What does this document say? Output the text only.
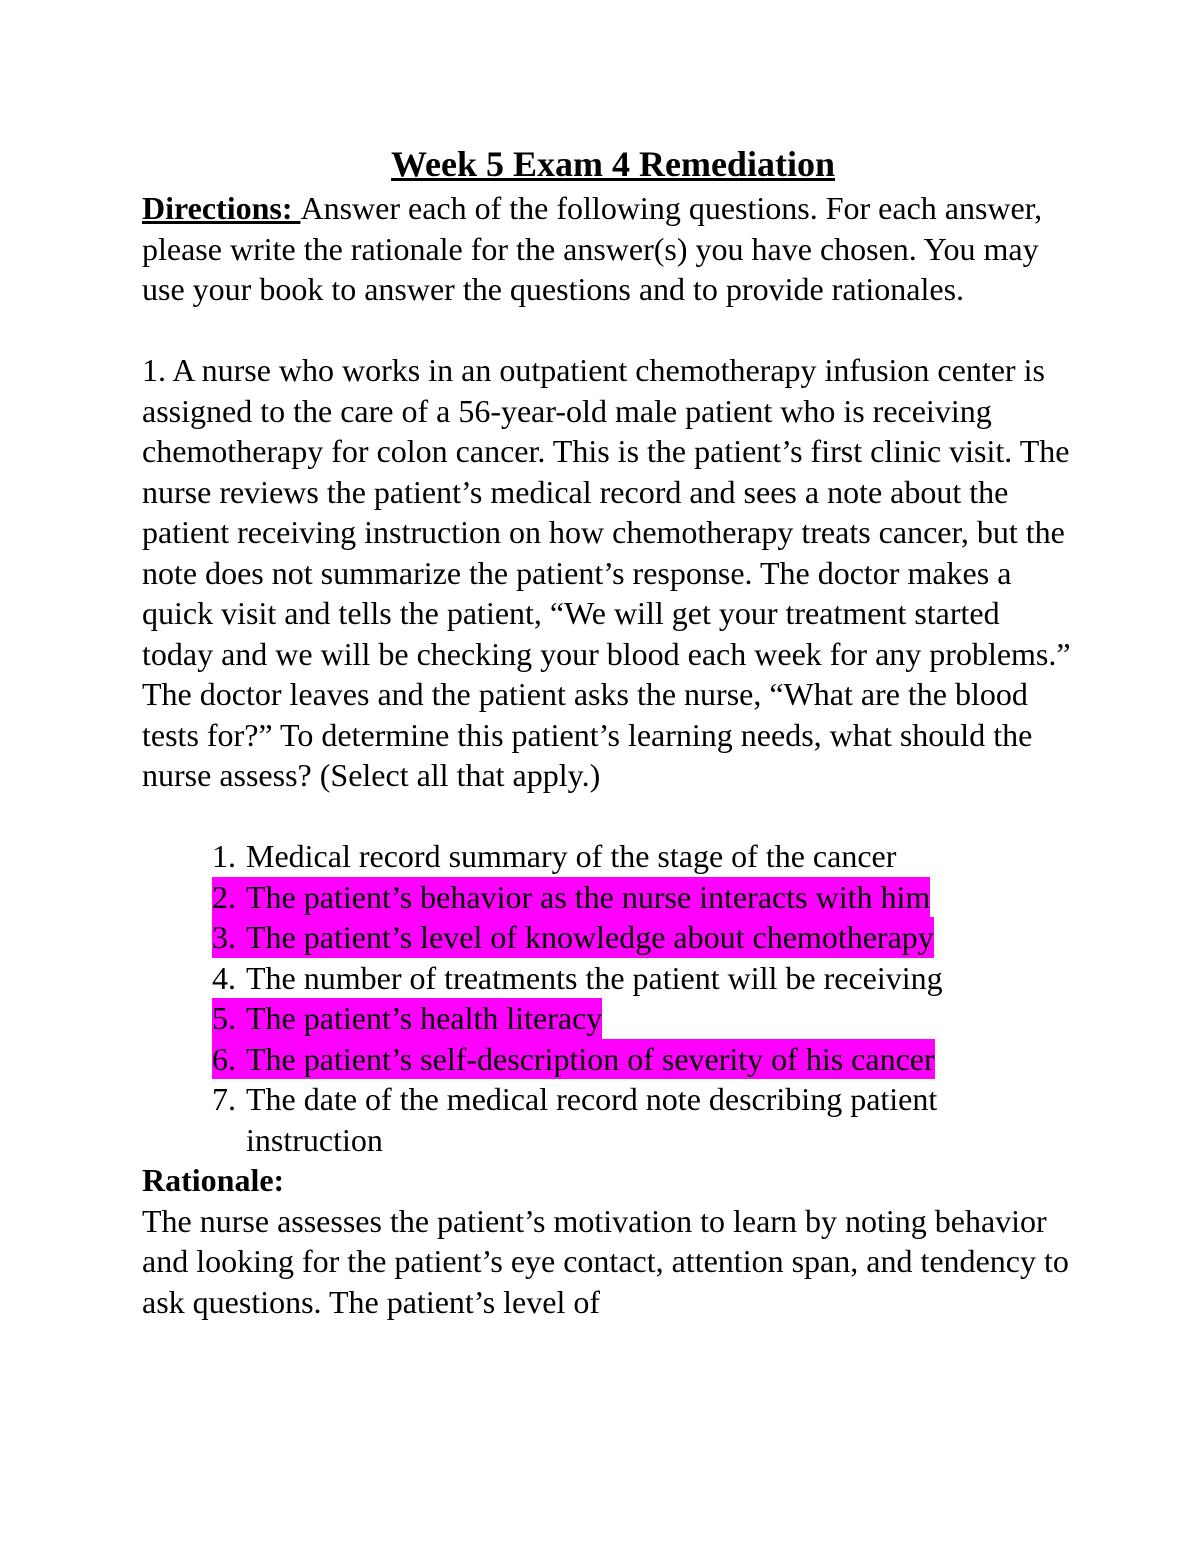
Week 5 Exam 4 Remediation

Directions: Answer each of the following questions. For each answer, please write the rationale for the answer(s) you have chosen. You may use your book to answer the questions and to provide rationales.

1. A nurse who works in an outpatient chemotherapy infusion center is assigned to the care of a 56-year-old male patient who is receiving chemotherapy for colon cancer. This is the patient’s first clinic visit. The nurse reviews the patient’s medical record and sees a note about the patient receiving instruction on how chemotherapy treats cancer, but the note does not summarize the patient’s response. The doctor makes a quick visit and tells the patient, “We will get your treatment started today and we will be checking your blood each week for any problems.” The doctor leaves and the patient asks the nurse, “What are the blood tests for?” To determine this patient’s learning needs, what should the nurse assess? (Select all that apply.)

1. Medical record summary of the stage of the cancer
2. The patient’s behavior as the nurse interacts with him
3. The patient’s level of knowledge about chemotherapy
4. The number of treatments the patient will be receiving
5. The patient’s health literacy
6. The patient’s self-description of severity of his cancer
7. The date of the medical record note describing patient instruction

Rationale:

The nurse assesses the patient’s motivation to learn by noting behavior and looking for the patient’s eye contact, attention span, and tendency to ask questions. The patient’s level of
